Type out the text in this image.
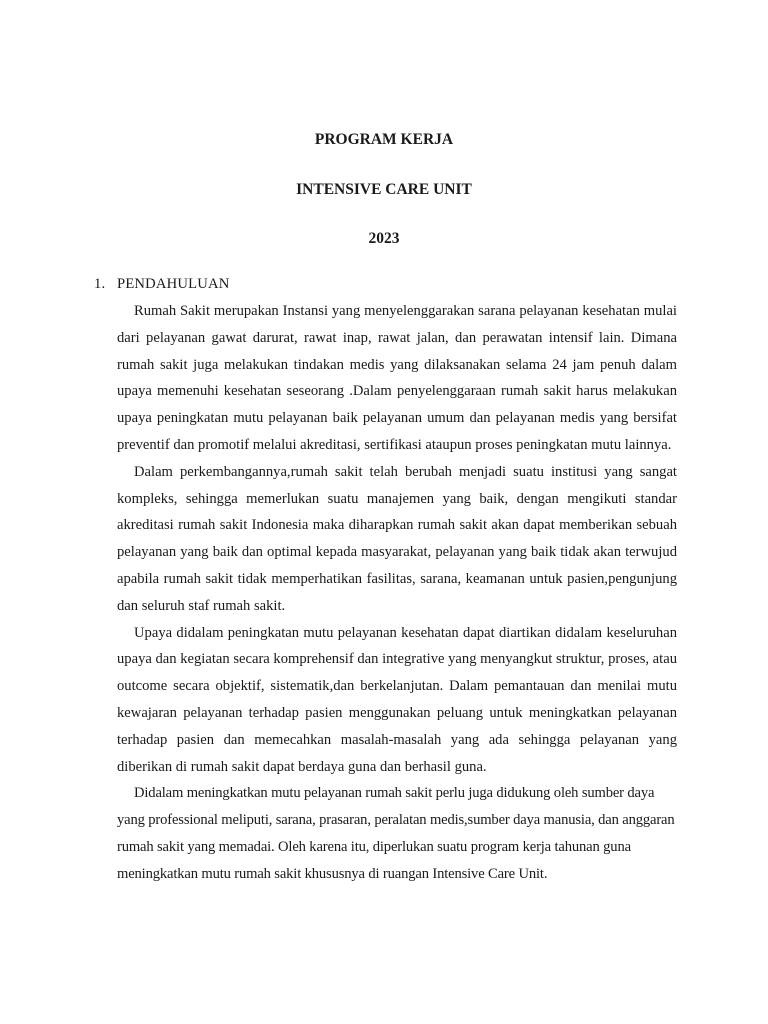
PROGRAM KERJA
INTENSIVE CARE UNIT
2023
1. PENDAHULUAN

Rumah Sakit merupakan Instansi yang menyelenggarakan sarana pelayanan kesehatan mulai dari pelayanan gawat darurat, rawat inap, rawat jalan, dan perawatan intensif lain. Dimana rumah sakit juga melakukan tindakan medis yang dilaksanakan selama 24 jam penuh dalam upaya memenuhi kesehatan seseorang .Dalam penyelenggaraan rumah sakit harus melakukan upaya peningkatan mutu pelayanan baik pelayanan umum dan pelayanan medis yang bersifat preventif dan promotif melalui akreditasi, sertifikasi ataupun proses peningkatan mutu lainnya.

Dalam perkembangannya,rumah sakit telah berubah menjadi suatu institusi yang sangat kompleks, sehingga memerlukan suatu manajemen yang baik, dengan mengikuti standar akreditasi rumah sakit Indonesia maka diharapkan rumah sakit akan dapat memberikan sebuah pelayanan yang baik dan optimal kepada masyarakat, pelayanan yang baik tidak akan terwujud apabila rumah sakit tidak memperhatikan fasilitas, sarana, keamanan untuk pasien,pengunjung dan seluruh staf rumah sakit.

Upaya didalam peningkatan mutu pelayanan kesehatan dapat diartikan didalam keseluruhan upaya dan kegiatan secara komprehensif dan integrative yang menyangkut struktur, proses, atau outcome secara objektif, sistematik,dan berkelanjutan. Dalam pemantauan dan menilai mutu kewajaran pelayanan terhadap pasien menggunakan peluang untuk meningkatkan pelayanan terhadap pasien dan memecahkan masalah-masalah yang ada sehingga pelayanan yang diberikan di rumah sakit dapat berdaya guna dan berhasil guna.

Didalam meningkatkan mutu pelayanan rumah sakit perlu juga didukung oleh sumber daya yang professional meliputi, sarana, prasaran, peralatan medis,sumber daya manusia, dan anggaran rumah sakit yang memadai. Oleh karena itu, diperlukan suatu program kerja tahunan guna meningkatkan mutu rumah sakit khususnya di ruangan Intensive Care Unit.
